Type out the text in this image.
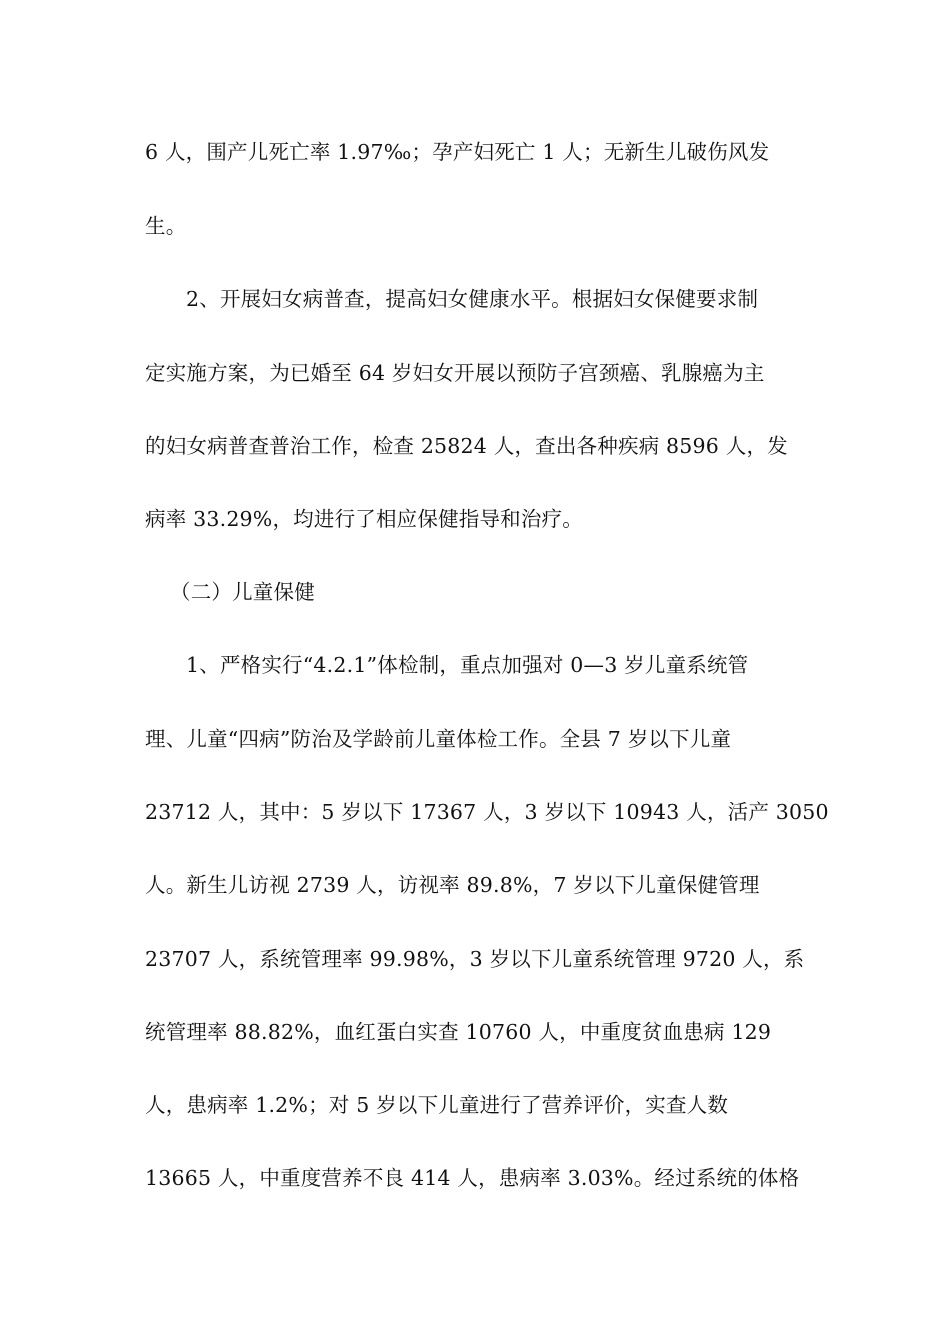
6 人，围产儿死亡率 1.97‰；孕产妇死亡 1 人；无新生儿破伤风发
生。
2、开展妇女病普查，提高妇女健康水平。根据妇女保健要求制
定实施方案，为已婚至 64 岁妇女开展以预防子宫颈癌、乳腺癌为主
的妇女病普查普治工作，检查 25824 人，查出各种疾病 8596 人，发
病率 33.29%，均进行了相应保健指导和治疗。
（二）儿童保健
1、严格实行“4.2.1”体检制，重点加强对 0—3 岁儿童系统管
理、儿童“四病”防治及学龄前儿童体检工作。全县 7 岁以下儿童
23712 人，其中：5 岁以下 17367 人，3 岁以下 10943 人，活产 3050
人。新生儿访视 2739 人，访视率 89.8%，7 岁以下儿童保健管理
23707 人，系统管理率 99.98%，3 岁以下儿童系统管理 9720 人，系
统管理率 88.82%，血红蛋白实查 10760 人，中重度贫血患病 129
人，患病率 1.2%；对 5 岁以下儿童进行了营养评价，实查人数
13665 人，中重度营养不良 414 人，患病率 3.03%。经过系统的体格
